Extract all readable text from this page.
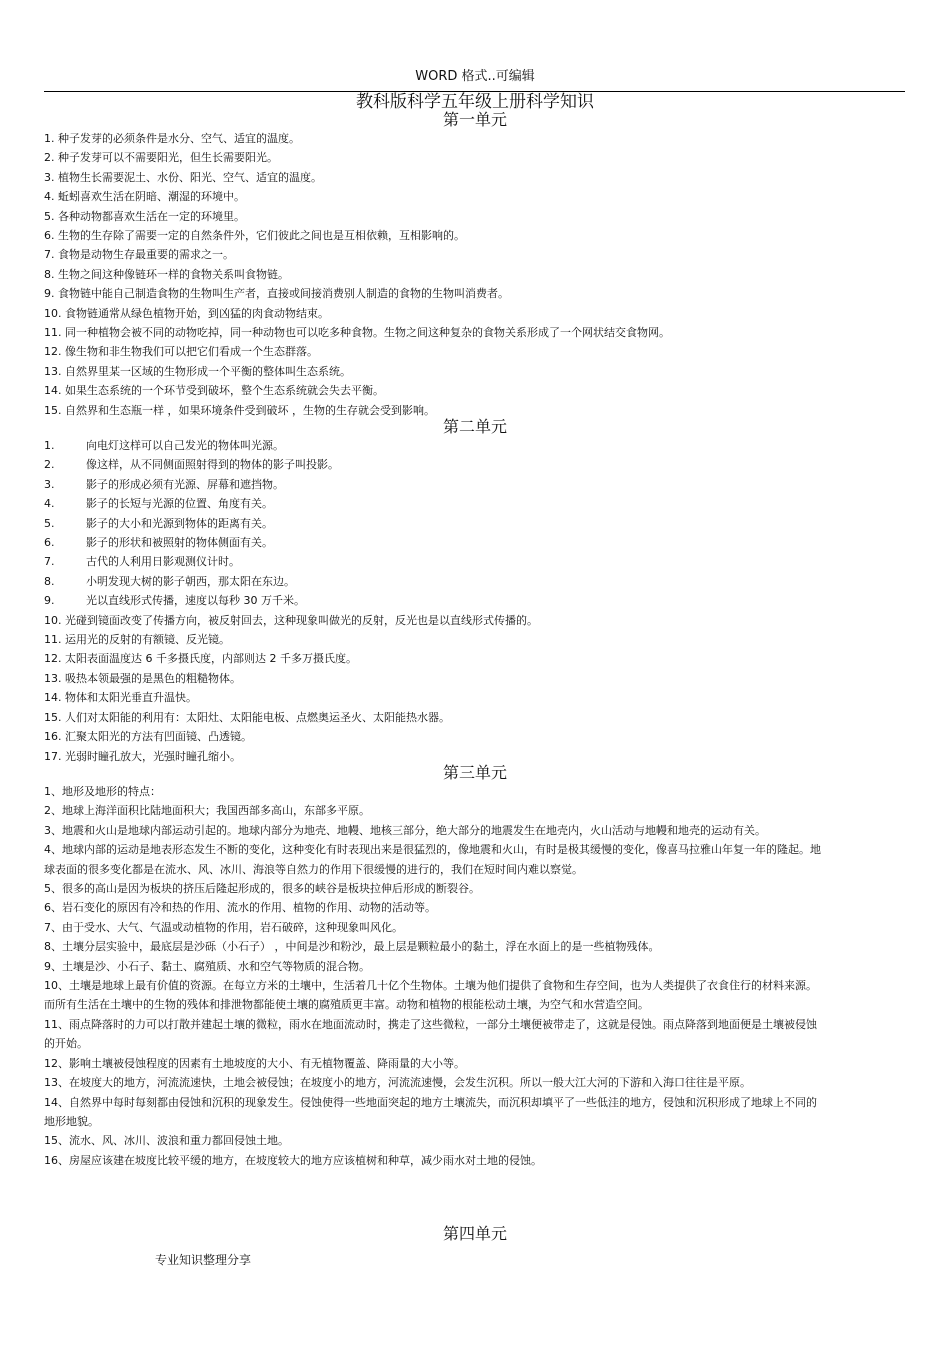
WORD 格式..可编辑
教科版科学五年级上册科学知识
第一单元
1. 种子发芽的必须条件是水分、空气、适宜的温度。
2. 种子发芽可以不需要阳光，但生长需要阳光。
3. 植物生长需要泥土、水份、阳光、空气、适宜的温度。
4. 蚯蚓喜欢生活在阴暗、潮湿的环境中。
5. 各种动物都喜欢生活在一定的环境里。
6. 生物的生存除了需要一定的自然条件外，它们彼此之间也是互相依赖，互相影响的。
7. 食物是动物生存最重要的需求之一。
8. 生物之间这种像链环一样的食物关系叫食物链。
9. 食物链中能自己制造食物的生物叫生产者，直接或间接消费别人制造的食物的生物叫消费者。
10. 食物链通常从绿色植物开始，到凶猛的肉食动物结束。
11. 同一种植物会被不同的动物吃掉，同一种动物也可以吃多种食物。生物之间这种复杂的食物关系形成了一个网状结交食物网。
12. 像生物和非生物我们可以把它们看成一个生态群落。
13. 自然界里某一区域的生物形成一个平衡的整体叫生态系统。
14. 如果生态系统的一个环节受到破坏，整个生态系统就会失去平衡。
15. 自然界和生态瓶一样 ，如果环境条件受到破坏 ，生物的生存就会受到影响。
第二单元
1.	向电灯这样可以自己发光的物体叫光源。
2.	像这样，从不同侧面照射得到的物体的影子叫投影。
3.	影子的形成必须有光源、屏幕和遮挡物。
4.	影子的长短与光源的位置、角度有关。
5.	影子的大小和光源到物体的距离有关。
6.	影子的形状和被照射的物体侧面有关。
7.	古代的人利用日影观测仪计时。
8.	小明发现大树的影子朝西，那太阳在东边。
9.	光以直线形式传播，速度以每秒 30 万千米。
10. 光碰到镜面改变了传播方向，被反射回去，这种现象叫做光的反射，反光也是以直线形式传播的。
11. 运用光的反射的有额镜、反光镜。
12. 太阳表面温度达 6 千多摄氏度，内部则达 2 千多万摄氏度。
13. 吸热本领最强的是黑色的粗糙物体。
14. 物体和太阳光垂直升温快。
15. 人们对太阳能的利用有：太阳灶、太阳能电板、点燃奥运圣火、太阳能热水器。
16. 汇聚太阳光的方法有凹面镜、凸透镜。
17. 光弱时瞳孔放大，光强时瞳孔缩小。
第三单元
1、地形及地形的特点：
2、地球上海洋面积比陆地面积大；我国西部多高山，东部多平原。
3、地震和火山是地球内部运动引起的。地球内部分为地壳、地幔、地核三部分，绝大部分的地震发生在地壳内，火山活动与地幔和地壳的运动有关。
4、地球内部的运动是地表形态发生不断的变化，这种变化有时表现出来是很猛烈的，像地震和火山，有时是极其缓慢的变化，像喜马拉雅山年复一年的隆起。地球表面的很多变化都是在流水、风、冰川、海浪等自然力的作用下很缓慢的进行的，我们在短时间内难以察觉。
5、很多的高山是因为板块的挤压后隆起形成的，很多的峡谷是板块拉伸后形成的断裂谷。
6、岩石变化的原因有冷和热的作用、流水的作用、植物的作用、动物的活动等。
7、由于受水、大气、气温或动植物的作用，岩石破碎，这种现象叫风化。
8、土壤分层实验中，最底层是沙砾（小石子） ，中间是沙和粉沙，最上层是颗粒最小的黏土，浮在水面上的是一些植物残体。
9、土壤是沙、小石子、黏土、腐殖质、水和空气等物质的混合物。
10、土壤是地球上最有价值的资源。在每立方米的土壤中，生活着几十亿个生物体。土壤为他们提供了食物和生存空间，也为人类提供了衣食住行的材料来源。而所有生活在土壤中的生物的残体和排泄物都能使土壤的腐殖质更丰富。动物和植物的根能松动土壤，为空气和水营造空间。
11、雨点降落时的力可以打散并建起土壤的微粒，雨水在地面流动时，携走了这些微粒，一部分土壤便被带走了，这就是侵蚀。雨点降落到地面便是土壤被侵蚀的开始。
12、影响土壤被侵蚀程度的因素有土地坡度的大小、有无植物覆盖、降雨量的大小等。
13、在坡度大的地方，河流流速快，土地会被侵蚀；在坡度小的地方，河流流速慢，会发生沉积。所以一般大江大河的下游和入海口往往是平原。
14、自然界中每时每刻都由侵蚀和沉积的现象发生。侵蚀使得一些地面突起的地方土壤流失，而沉积却填平了一些低洼的地方，侵蚀和沉积形成了地球上不同的地形地貌。
15、流水、风、冰川、波浪和重力都回侵蚀土地。
16、房屋应该建在坡度比较平缓的地方，在坡度较大的地方应该植树和种草，减少雨水对土地的侵蚀。
第四单元
专业知识整理分享
